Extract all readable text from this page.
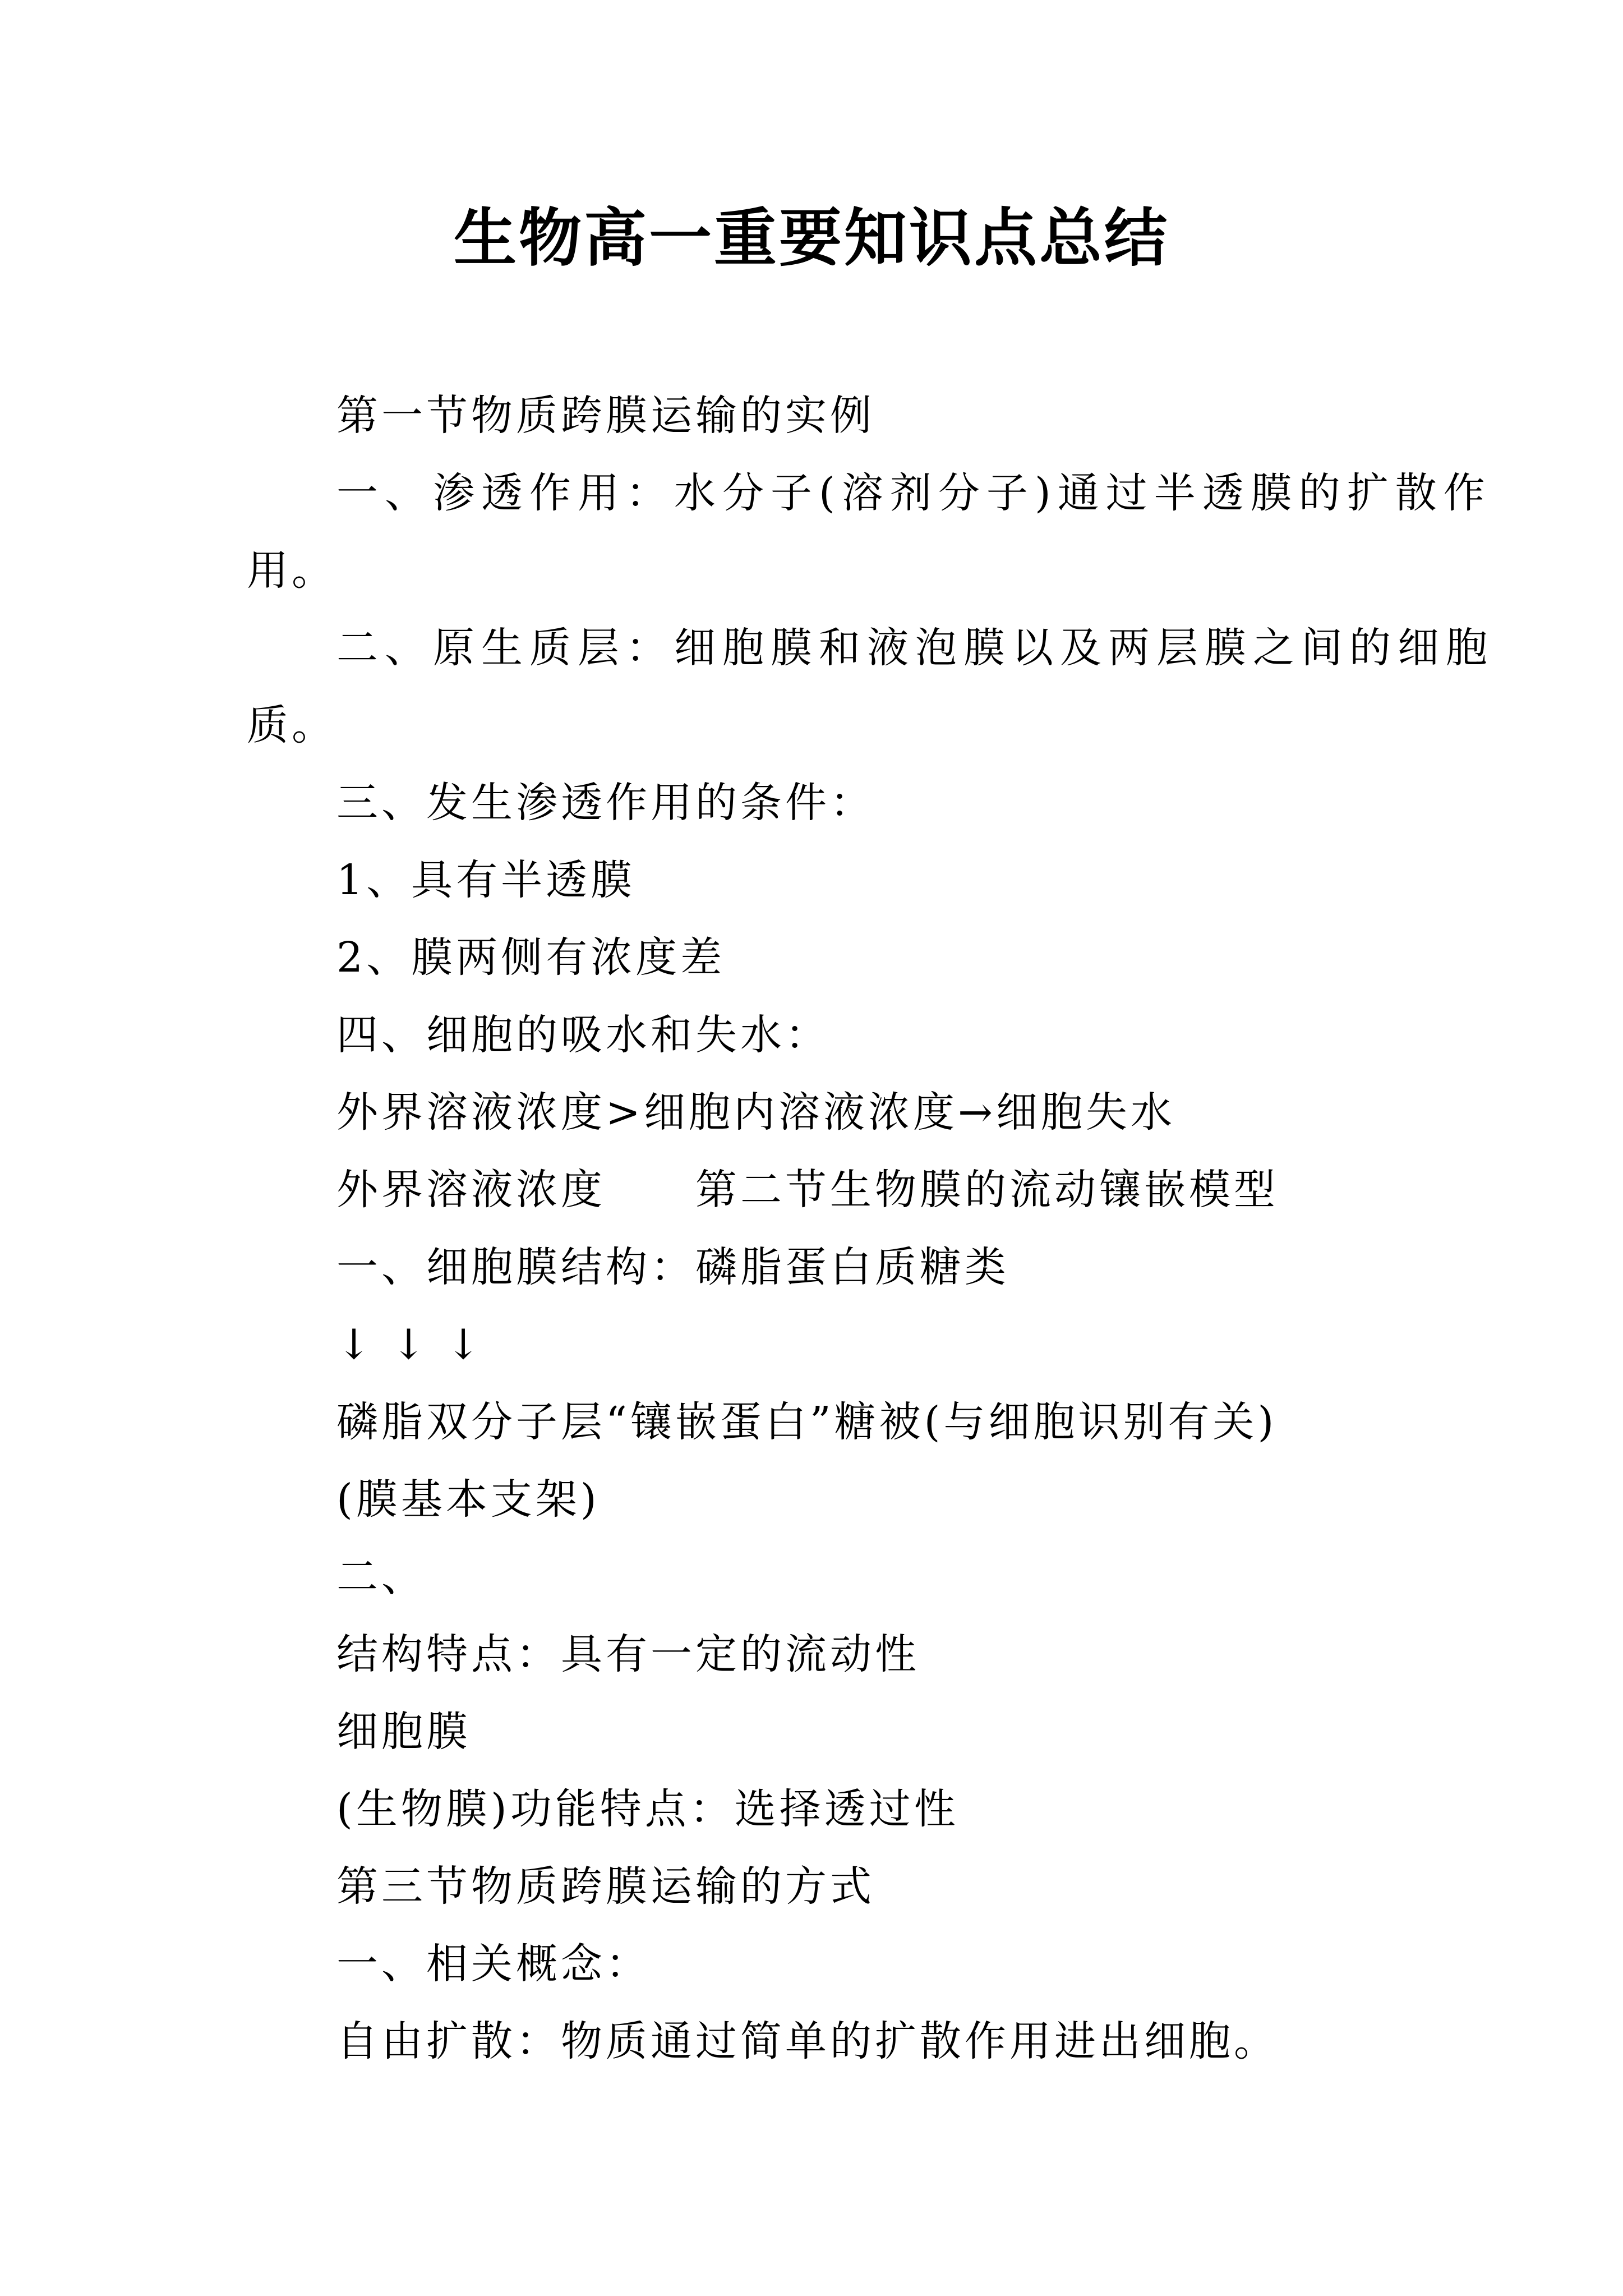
生物高一重要知识点总结
第一节物质跨膜运输的实例
一、渗透作用：水分子(溶剂分子)通过半透膜的扩散作
用。
二、原生质层：细胞膜和液泡膜以及两层膜之间的细胞
质。
三、发生渗透作用的条件：
1、具有半透膜
2、膜两侧有浓度差
四、细胞的吸水和失水：
外界溶液浓度>细胞内溶液浓度→细胞失水
外界溶液浓度 第二节生物膜的流动镶嵌模型
一、细胞膜结构：磷脂蛋白质糖类
↓ ↓ ↓
磷脂双分子层“镶嵌蛋白”糖被(与细胞识别有关)
(膜基本支架)
二、
结构特点：具有一定的流动性
细胞膜
(生物膜)功能特点：选择透过性
第三节物质跨膜运输的方式
一、相关概念：
自由扩散：物质通过简单的扩散作用进出细胞。
